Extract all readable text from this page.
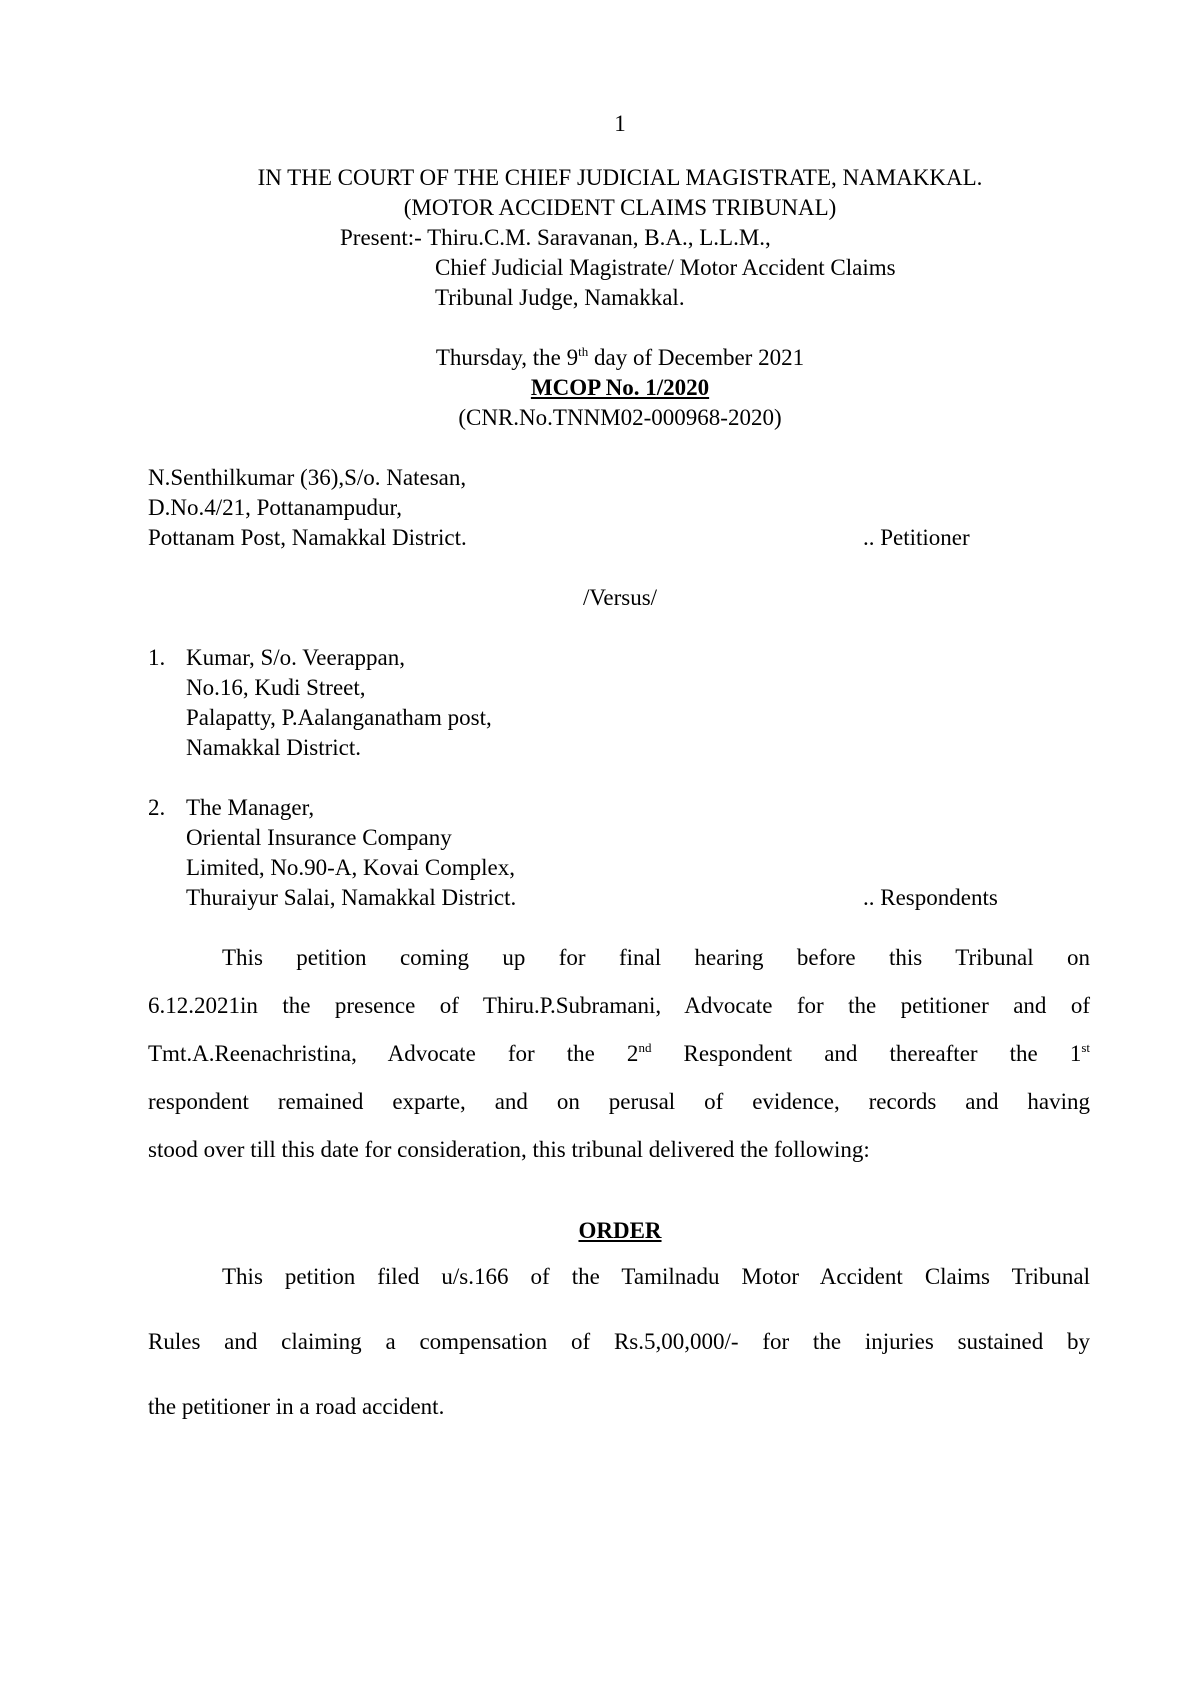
1
IN THE COURT OF THE CHIEF JUDICIAL MAGISTRATE, NAMAKKAL.
(MOTOR ACCIDENT CLAIMS TRIBUNAL)
Present:- Thiru.C.M. Saravanan, B.A., L.L.M.,
Chief Judicial Magistrate/ Motor Accident Claims
Tribunal Judge, Namakkal.
Thursday, the 9th day of December 2021
MCOP No. 1/2020
(CNR.No.TNNM02-000968-2020)
N.Senthilkumar (36),S/o. Natesan,
D.No.4/21, Pottanampudur,
Pottanam Post, Namakkal District.	.. Petitioner
/Versus/
1. Kumar, S/o. Veerappan,
No.16, Kudi Street,
Palapatty, P.Aalanganatham post,
Namakkal District.
2. The Manager,
Oriental Insurance Company
Limited, No.90-A, Kovai Complex,
Thuraiyur Salai, Namakkal District.	.. Respondents
This petition coming up for final hearing before this Tribunal on
6.12.2021in the presence of Thiru.P.Subramani, Advocate for the petitioner and of
Tmt.A.Reenachristina, Advocate for the 2nd Respondent and thereafter the 1st
respondent remained exparte, and on perusal of evidence, records and having
stood over till this date for consideration, this tribunal delivered the following:
ORDER
This petition filed u/s.166 of the Tamilnadu Motor Accident Claims Tribunal
Rules and claiming a compensation of Rs.5,00,000/- for the injuries sustained by
the petitioner in a road accident.
